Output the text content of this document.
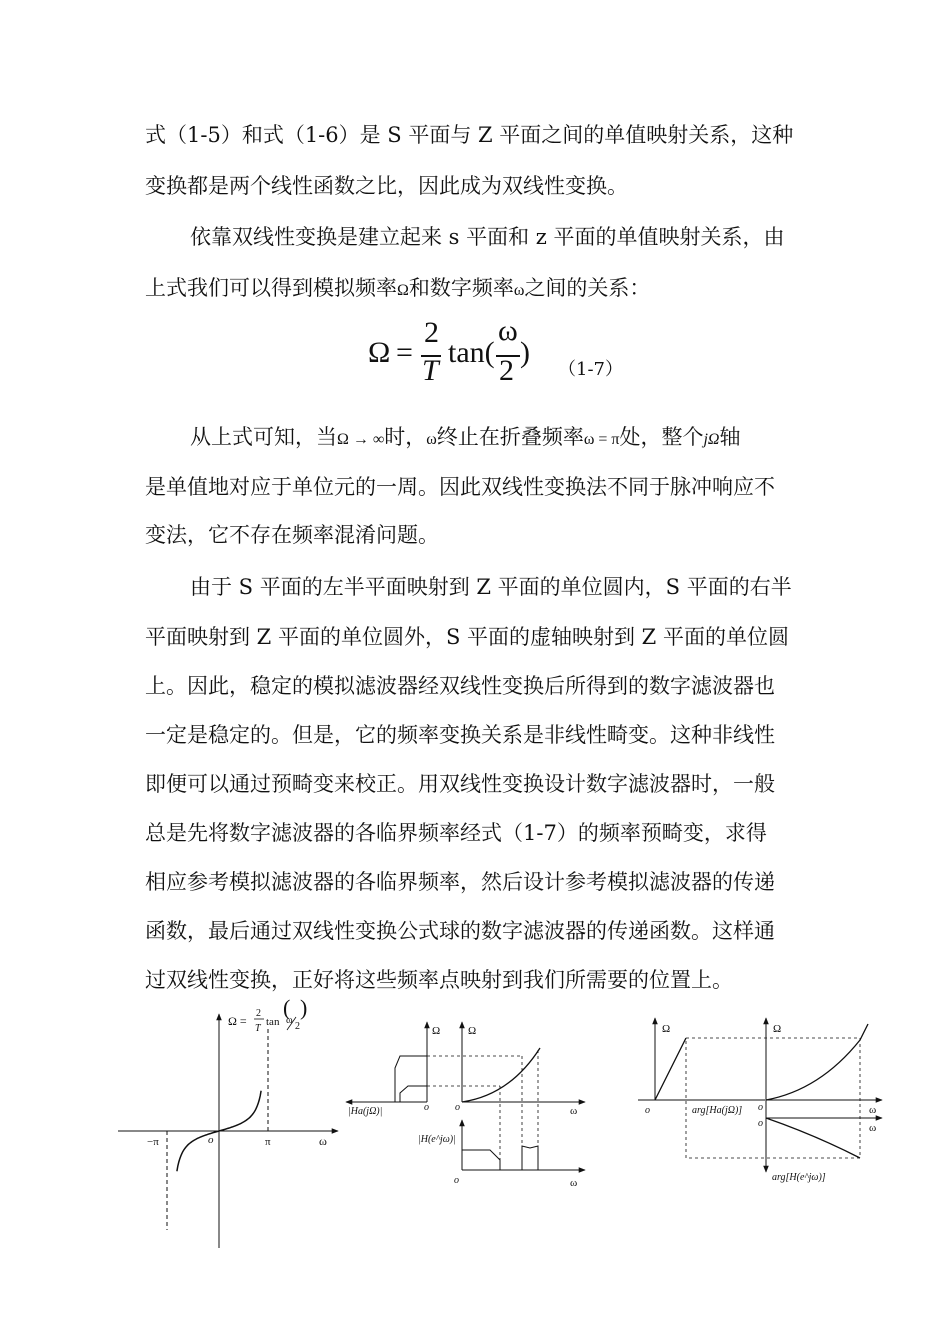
式（1-5）和式（1-6）是 S 平面与 Z 平面之间的单值映射关系，这种
变换都是两个线性函数之比，因此成为双线性变换。
依靠双线性变换是建立起来 s 平面和 z 平面的单值映射关系，由
上式我们可以得到模拟频率Ω和数字频率ω之间的关系：
Ω =
2
T
tan(
ω
2
)
（1-7）
从上式可知，当Ω → ∞时，ω终止在折叠频率ω = π处，整个jΩ轴
是单值地对应于单位元的一周。因此双线性变换法不同于脉冲响应不
变法，它不存在频率混淆问题。
由于 S 平面的左半平面映射到 Z 平面的单位圆内，S 平面的右半
平面映射到 Z 平面的单位圆外，S 平面的虚轴映射到 Z 平面的单位圆
上。因此，稳定的模拟滤波器经双线性变换后所得到的数字滤波器也
一定是稳定的。但是，它的频率变换关系是非线性畸变。这种非线性
即便可以通过预畸变来校正。用双线性变换设计数字滤波器时，一般
总是先将数字滤波器的各临界频率经式（1-7）的频率预畸变，求得
相应参考模拟滤波器的各临界频率，然后设计参考模拟滤波器的传递
函数，最后通过双线性变换公式球的数字滤波器的传递函数。这样通
过双线性变换，正好将这些频率点映射到我们所需要的位置上。
Ω =
2
T
tan
(
ω
2
)
o
−π	π	ω
Ω	Ω
|Ha(jΩ)|	o	o	ω
|H(e^jω)|
o	ω
Ω	Ω
o	arg[Ha(jΩ)] o
o
ω
ω
arg[H(e^jω)]
